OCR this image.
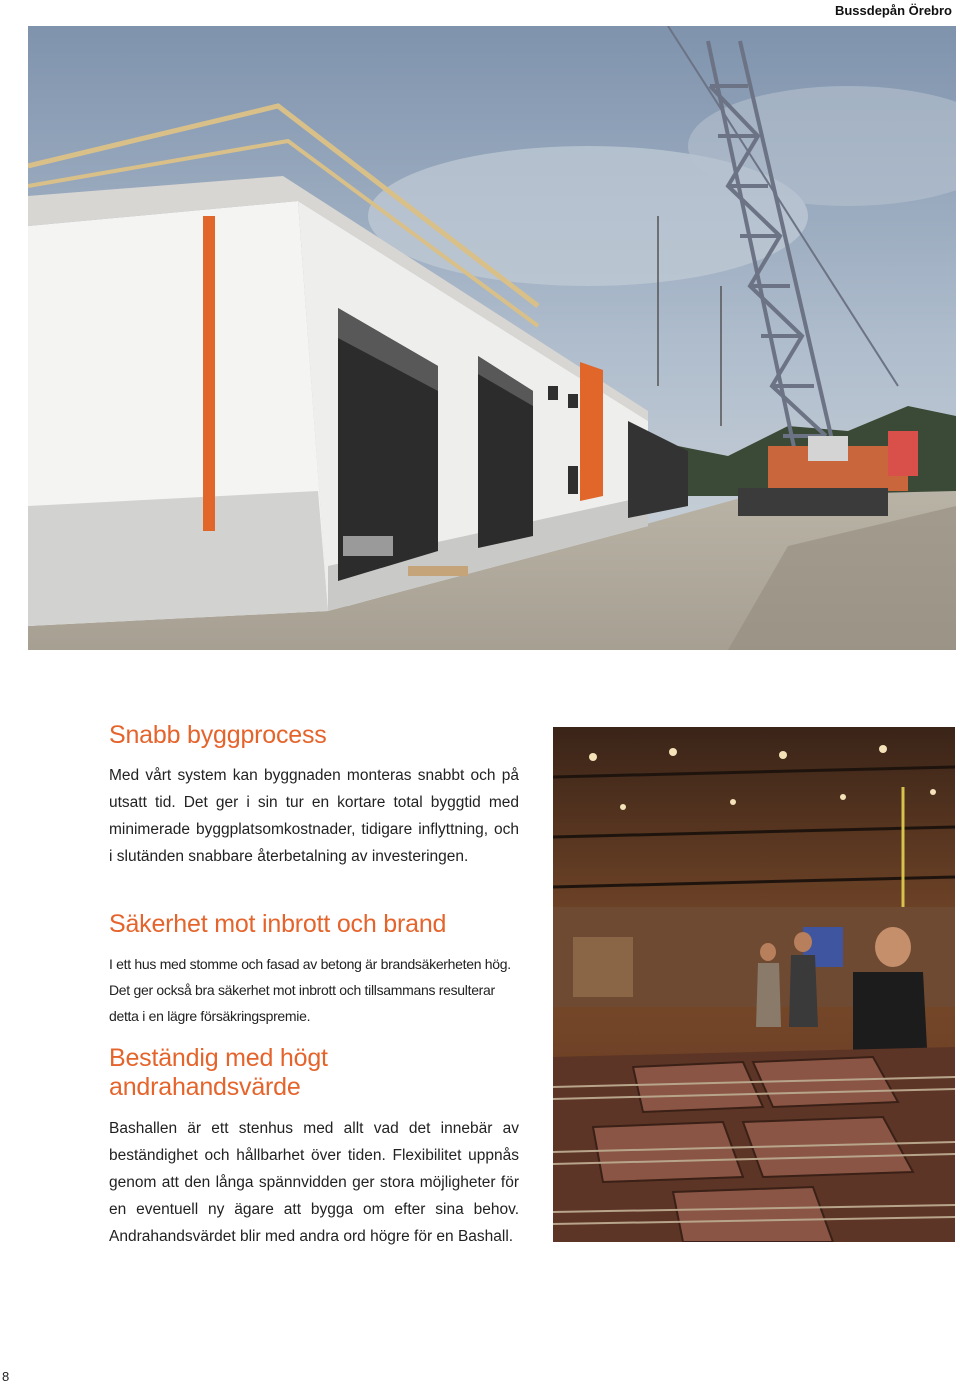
Bussdepån Örebro
Snabb byggprocess

Med vårt system kan byggnaden monteras snabbt och på utsatt tid. Det ger i sin tur en kortare total byggtid med minimerade byggplatsomkostnader, tidigare inflyttning, och i slutänden snabbare återbetalning av investeringen.

Säkerhet mot inbrott och brand

I ett hus med stomme och fasad av betong är brandsäkerheten hög. Det ger också bra säkerhet mot inbrott och tillsammans resulterar detta i en lägre försäkringspremie.

Beständig med högt andrahandsvärde

Bashallen är ett stenhus med allt vad det innebär av beständighet och hållbarhet över tiden. Flexibilitet uppnås genom att den långa spännvidden ger stora möjligheter för en eventuell ny ägare att bygga om efter sina behov. Andrahandsvärdet blir med andra ord högre för en Bashall.

8
